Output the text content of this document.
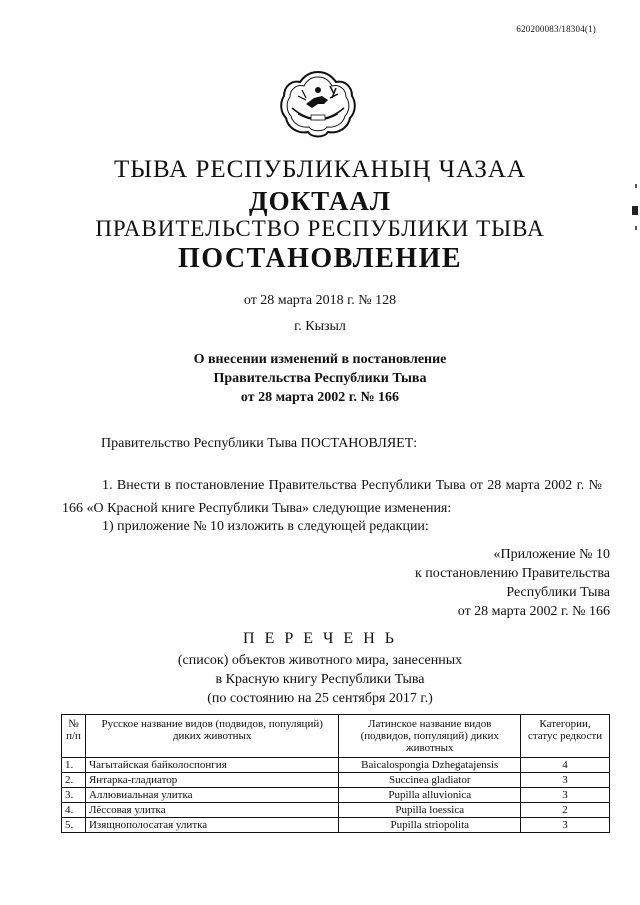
620200083/18304(1)
ТЫВА РЕСПУБЛИКАНЫҢ ЧАЗАА
ДОКТААЛ
ПРАВИТЕЛЬСТВО РЕСПУБЛИКИ ТЫВА
ПОСТАНОВЛЕНИЕ
от 28 марта 2018 г. № 128
г. Кызыл
О внесении изменений в постановление
Правительства Республики Тыва
от 28 марта 2002 г. № 166
Правительство Республики Тыва ПОСТАНОВЛЯЕТ:
1. Внести в постановление Правительства Республики Тыва от 28 марта 2002 г. № 166 «О Красной книге Республики Тыва» следующие изменения:
1) приложение № 10 изложить в следующей редакции:
«Приложение № 10
к постановлению Правительства
Республики Тыва
от 28 марта 2002 г. № 166
П Е Р Е Ч Е Н Ь
(список) объектов животного мира, занесенных
в Красную книгу Республики Тыва
(по состоянию на 25 сентября 2017 г.)
№ п/п	Русское название видов (подвидов, популяций) диких животных	Латинское название видов (подвидов, популяций) диких животных	Категории, статус редкости
1.	Чагытайская байколоспонгия	Baicalospongia Dzhegatajensis	4
2.	Янтарка-гладиатор	Succinea gladiator	3
3.	Аллювиальная улитка	Pupilla alluvionica	3
4.	Лёссовая улитка	Pupilla loessica	2
5.	Изящнополосатая улитка	Pupilla striopolita	3
